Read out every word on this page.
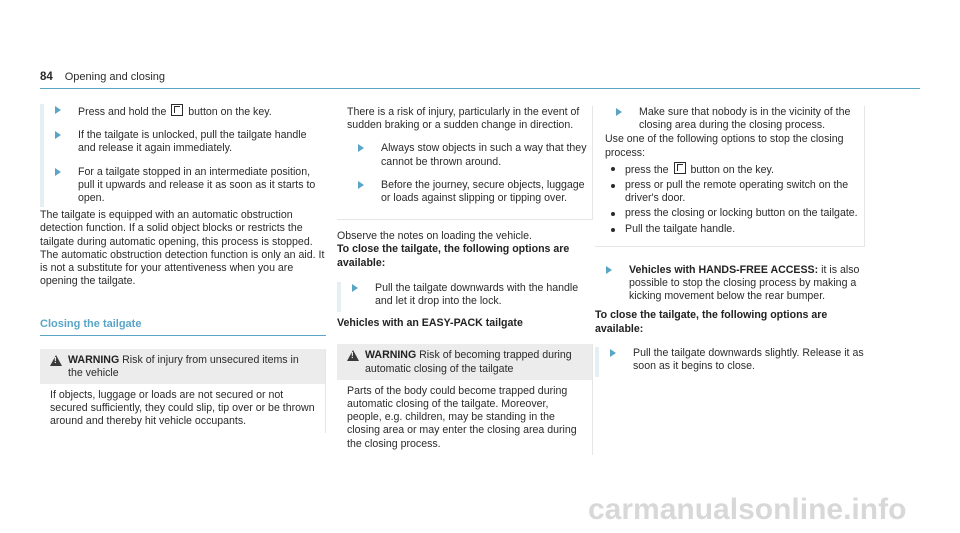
84 Opening and closing
Press and hold the button on the key.
If the tailgate is unlocked, pull the tailgate handle and release it again immediately.
For a tailgate stopped in an intermediate position, pull it upwards and release it as soon as it starts to open.

The tailgate is equipped with an automatic obstruction detection function. If a solid object blocks or restricts the tailgate during automatic opening, this process is stopped. The automatic obstruction detection function is only an aid. It is not a substitute for your attentiveness when you are opening the tailgate.

Closing the tailgate
!
WARNING Risk of injury from unsecured items in the vehicle

If objects, luggage or loads are not secured or not secured sufficiently, they could slip, tip over or be thrown around and thereby hit vehicle occupants.

There is a risk of injury, particularly in the event of sudden braking or a sudden change in direction.

Always stow objects in such a way that they cannot be thrown around.
Before the journey, secure objects, luggage or loads against slipping or tipping over.

Observe the notes on loading the vehicle.

To close the tailgate, the following options are available:

Pull the tailgate downwards with the handle and let it drop into the lock.

Vehicles with an EASY-PACK tailgate

!
WARNING Risk of becoming trapped during automatic closing of the tailgate

Parts of the body could become trapped during automatic closing of the tailgate. Moreover, people, e.g. children, may be standing in the closing area or may enter the closing area during the closing process.

Make sure that nobody is in the vicinity of the closing area during the closing process.

Use one of the following options to stop the closing process:

press the button on the key.
press or pull the remote operating switch on the driver's door.
press the closing or locking button on the tailgate.
Pull the tailgate handle.
Vehicles with HANDS-FREE ACCESS: it is also possible to stop the closing process by making a kicking movement below the rear bumper.

To close the tailgate, the following options are available:

Pull the tailgate downwards slightly. Release it as soon as it begins to close.
carmanualsonline.info
